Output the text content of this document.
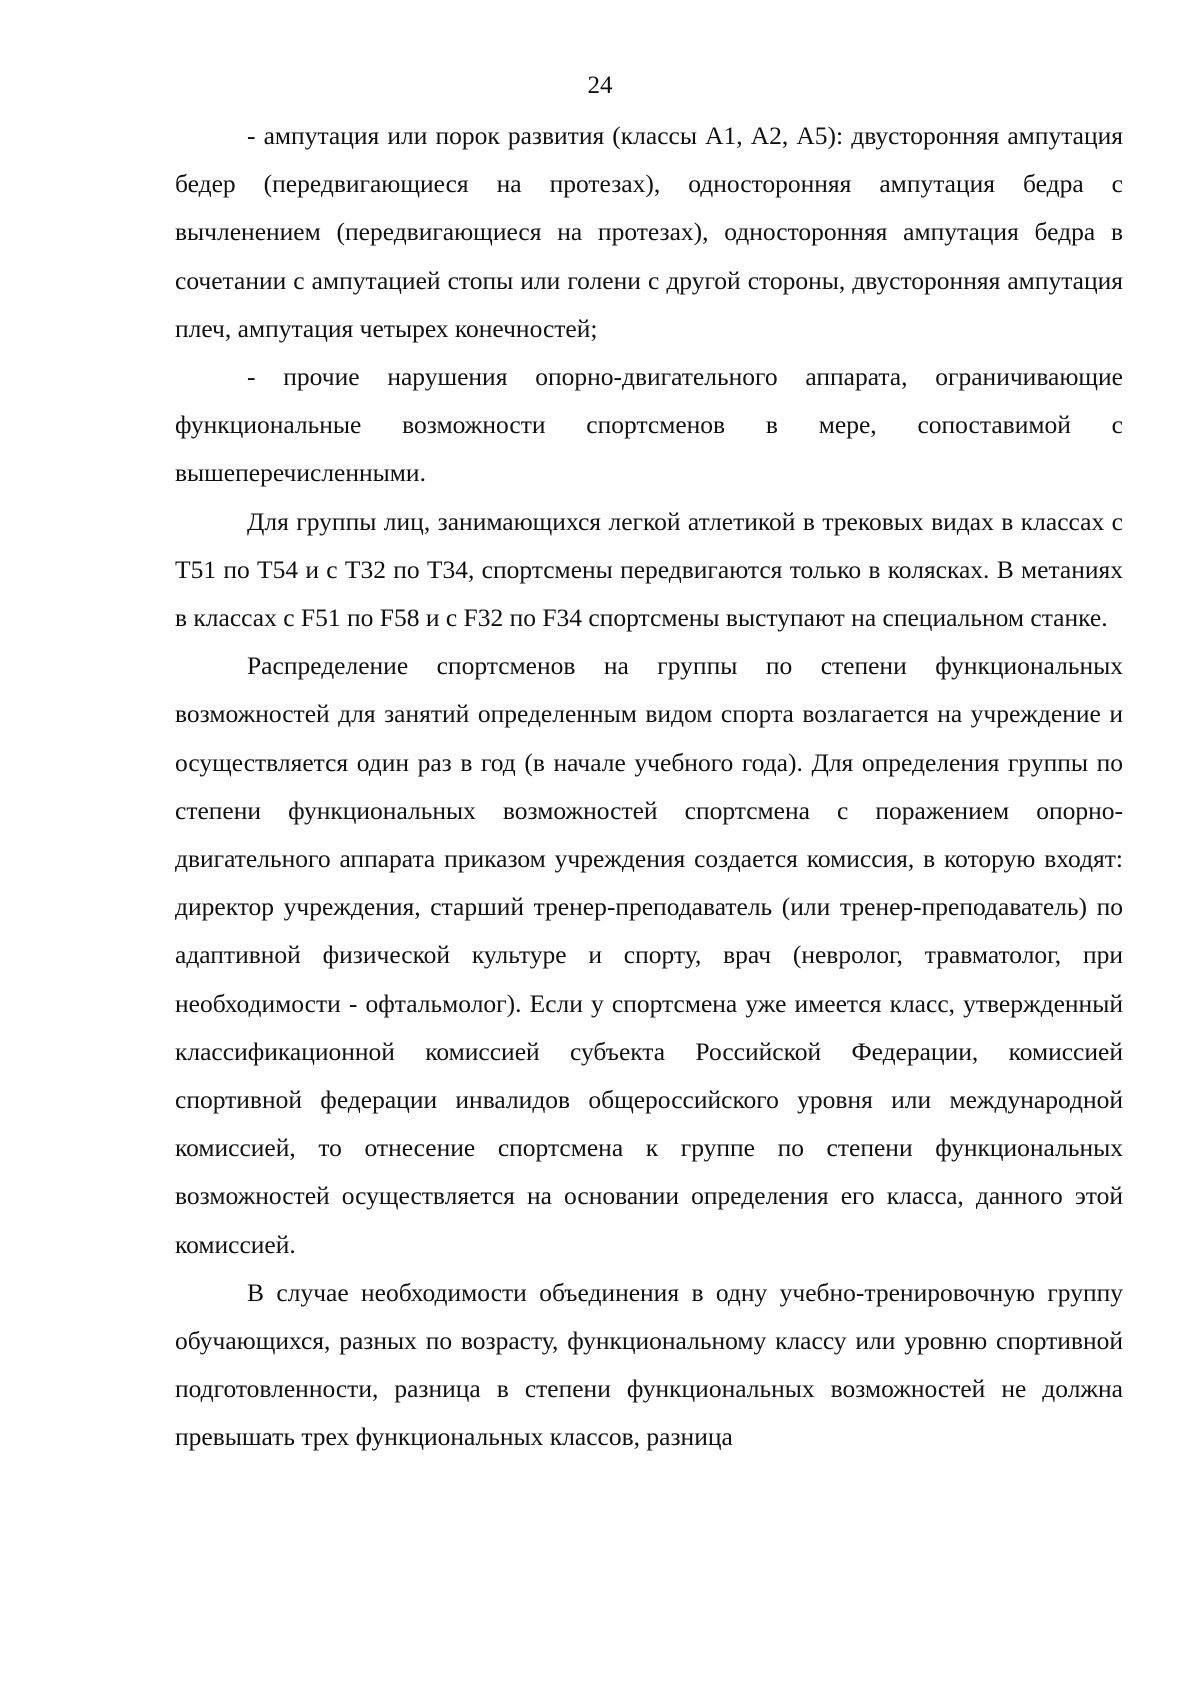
24

- ампутация или порок развития (классы А1, А2, А5): двусторонняя ампутация бедер (передвигающиеся на протезах), односторонняя ампутация бедра с вычленением (передвигающиеся на протезах), односторонняя ампутация бедра в сочетании с ампутацией стопы или голени с другой стороны, двусторонняя ампутация плеч, ампутация четырех конечностей;

- прочие нарушения опорно-двигательного аппарата, ограничивающие функциональные возможности спортсменов в мере, сопоставимой с вышеперечисленными.

Для группы лиц, занимающихся легкой атлетикой в трековых видах в классах с Т51 по Т54 и с Т32 по Т34, спортсмены передвигаются только в колясках. В метаниях в классах с F51 по F58 и с F32 по F34 спортсмены выступают на специальном станке.

Распределение спортсменов на группы по степени функциональных возможностей для занятий определенным видом спорта возлагается на учреждение и осуществляется один раз в год (в начале учебного года). Для определения группы по степени функциональных возможностей спортсмена с поражением опорно-двигательного аппарата приказом учреждения создается комиссия, в которую входят: директор учреждения, старший тренер-преподаватель (или тренер-преподаватель) по адаптивной физической культуре и спорту, врач (невролог, травматолог, при необходимости - офтальмолог). Если у спортсмена уже имеется класс, утвержденный классификационной комиссией субъекта Российской Федерации, комиссией спортивной федерации инвалидов общероссийского уровня или международной комиссией, то отнесение спортсмена к группе по степени функциональных возможностей осуществляется на основании определения его класса, данного этой комиссией.

В случае необходимости объединения в одну учебно-тренировочную группу обучающихся, разных по возрасту, функциональному классу или уровню спортивной подготовленности, разница в степени функциональных возможностей не должна превышать трех функциональных классов, разница
